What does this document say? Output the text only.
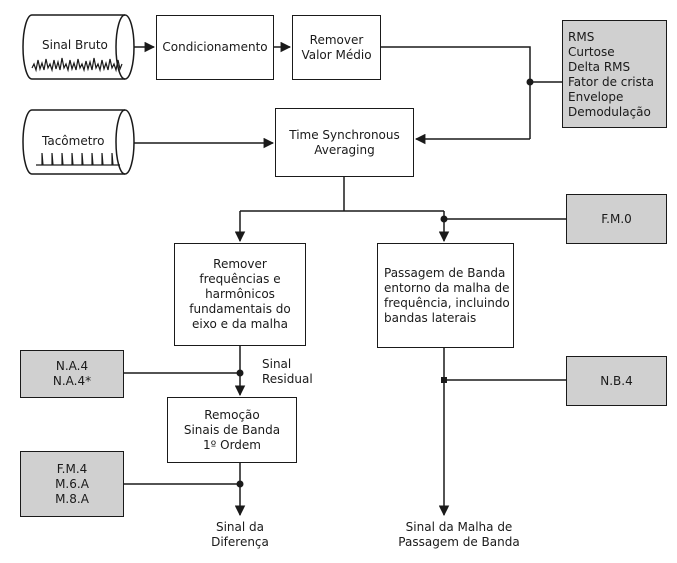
Sinal Bruto
Tacômetro
Condicionamento
Remover
Valor Médio
Time Synchronous
Averaging
Remover
frequências e
harmônicos
fundamentais do
eixo e da malha
Passagem de Banda
entorno da malha de
frequência, incluindo
bandas laterais
Remoção
Sinais de Banda
1º Ordem
RMS
Curtose
Delta RMS
Fator de crista
Envelope
Demodulação
F.M.0
N.A.4
N.A.4*
F.M.4
M.6.A
M.8.A
N.B.4
Sinal
Residual
Sinal da
Diferença
Sinal da Malha de
Passagem de Banda
